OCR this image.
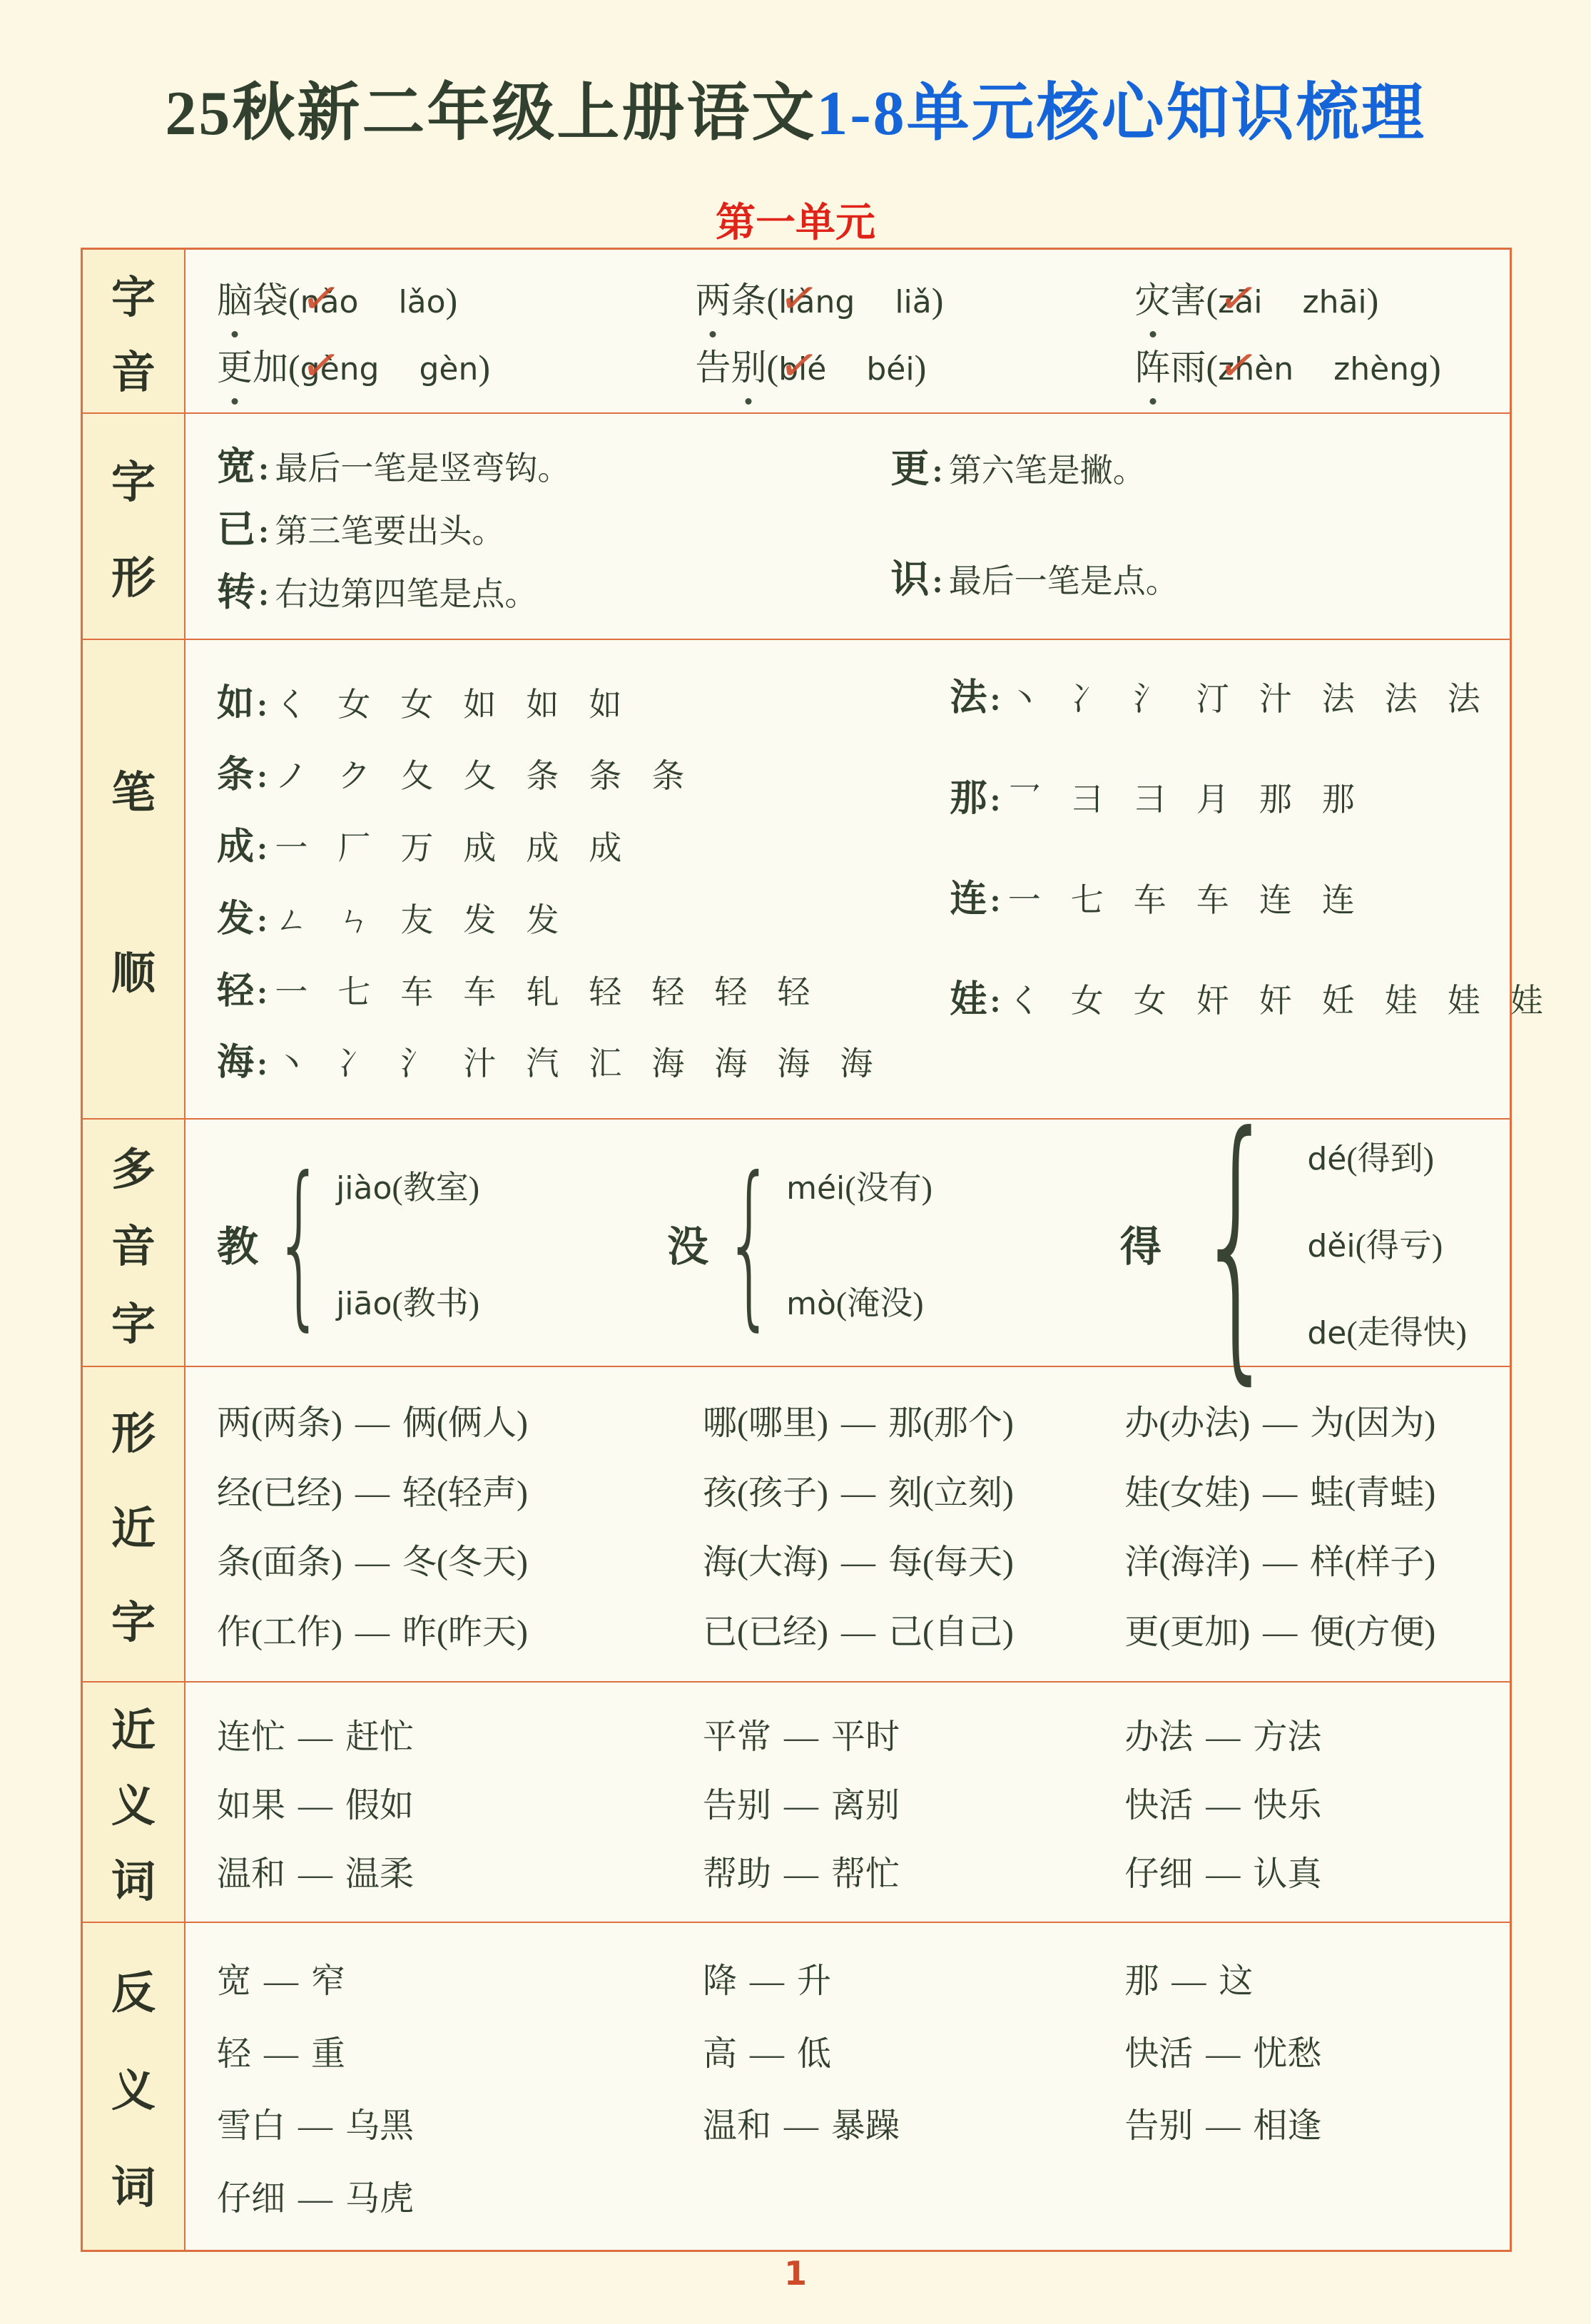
25秋新二年级上册语文1-8单元核心知识梳理
第一单元
字
音
脑袋(nǎo ✓ lǎo)	两条(liǎng ✓ liǎ)	灾害(zāi ✓ zhāi)
更加(gèng ✓ gèn)	告别(bié ✓ béi)	阵雨(zhèn ✓ zhèng)
字
形
宽: 最后一笔是竖弯钩。
已: 第三笔要出头。
转: 右边第四笔是点。
更: 第六笔是撇。
识: 最后一笔是点。
笔
顺
如 : く 女 女 如 如 如
条 : ノ ク 夂 夂 条 条 条
成 : 一 厂 万 成 成 成
发 : ㄥ ㄣ 友 发 发
轻 : 一 七 车 车 轧 轻 轻 轻 轻
海 : 丶 冫 氵 汁 汽 汇 海 海 海 海
法 : 丶 冫 氵 汀 汁 法 法 法
那 : 乛 彐 彐 月 那 那
连 : 一 七 车 车 连 连
娃 : く 女 女 奸 奸 妊 娃 娃 娃
多
音
字
教 { jiào(教室)
jiāo(教书)
没 { méi(没有)
mò(淹没)
得 { dé(得到)
děi(得亏)
de(走得快)
形
近
字
两(两条) — 俩(俩人)	哪(哪里) — 那(那个)	办(办法) — 为(因为)
经(已经) — 轻(轻声)	孩(孩子) — 刻(立刻)	娃(女娃) — 蛙(青蛙)
条(面条) — 冬(冬天)	海(大海) — 每(每天)	洋(海洋) — 样(样子)
作(工作) — 昨(昨天)	已(已经) — 己(自己)	更(更加) — 便(方便)
近
义
词
连忙 — 赶忙	平常 — 平时	办法 — 方法
如果 — 假如	告别 — 离别	快活 — 快乐
温和 — 温柔	帮助 — 帮忙	仔细 — 认真
反
义
词
宽 — 窄	降 — 升	那 — 这
轻 — 重	高 — 低	快活 — 忧愁
雪白 — 乌黑	温和 — 暴躁	告别 — 相逢
仔细 — 马虎
1
